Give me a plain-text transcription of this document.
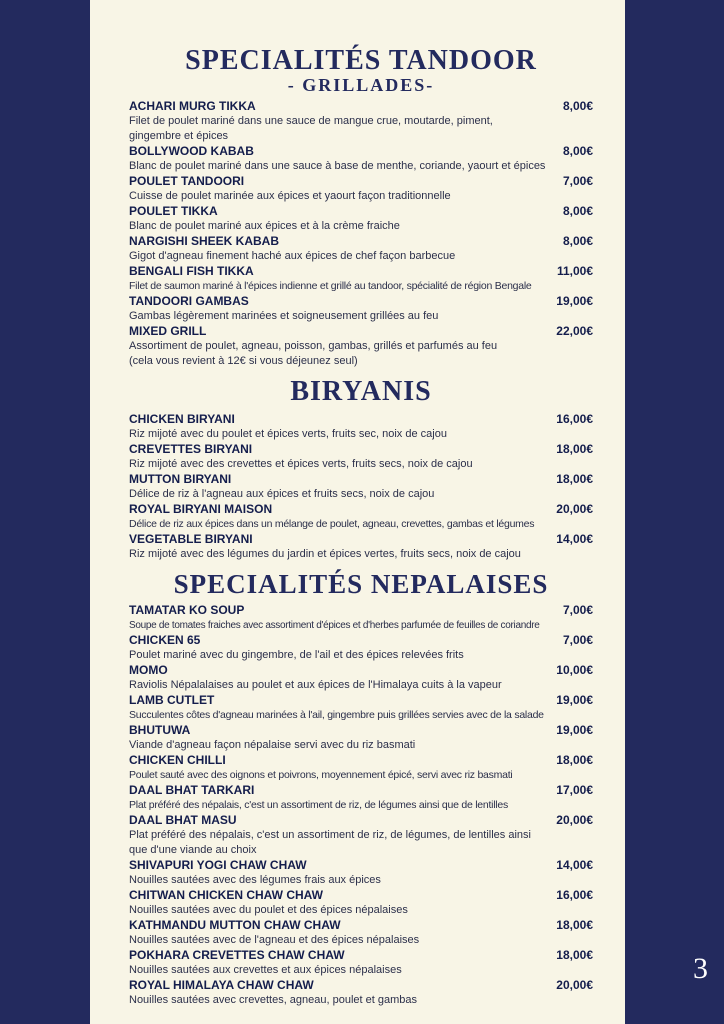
SPECIALITÉS TANDOOR
- GRILLADES-
ACHARI MURG TIKKA	8,00€
Filet de poulet mariné dans une sauce de mangue crue, moutarde, piment, gingembre et épices
BOLLYWOOD KABAB	8,00€
Blanc de poulet mariné dans une sauce à base de menthe, coriande, yaourt et épices
POULET TANDOORI	7,00€
Cuisse de poulet marinée aux épices et yaourt façon traditionnelle
POULET TIKKA	8,00€
Blanc de poulet mariné aux épices et à la crème fraiche
NARGISHI SHEEK KABAB	8,00€
Gigot d'agneau finement haché aux épices de chef façon barbecue
BENGALI FISH TIKKA	11,00€
Filet de saumon mariné à l'épices indienne et grillé au tandoor, spécialité de région Bengale
TANDOORI GAMBAS	19,00€
Gambas légèrement marinées et soigneusement grillées au feu
MIXED GRILL	22,00€
Assortiment de poulet, agneau, poisson, gambas, grillés et parfumés au feu
(cela vous revient à 12€ si vous déjeunez seul)
BIRYANIS
CHICKEN BIRYANI	16,00€
Riz mijoté avec du poulet et épices verts, fruits sec, noix de cajou
CREVETTES BIRYANI	18,00€
Riz mijoté avec des crevettes et épices verts, fruits secs, noix de cajou
MUTTON BIRYANI	18,00€
Délice de riz à l'agneau aux épices et fruits secs, noix de cajou
ROYAL BIRYANI MAISON	20,00€
Délice de riz aux épices dans un mélange de poulet, agneau, crevettes, gambas et légumes
VEGETABLE BIRYANI	14,00€
Riz mijoté avec des légumes du jardin et épices vertes, fruits secs, noix de cajou
SPECIALITÉS NEPALAISES
TAMATAR KO SOUP	7,00€
Soupe de tomates fraiches avec assortiment d'épices et d'herbes parfumée de feuilles de coriandre
CHICKEN 65	7,00€
Poulet mariné avec du gingembre, de l'ail et des épices relevées frits
MOMO	10,00€
Raviolis Népalalaises au poulet et aux épices de l'Himalaya cuits à la vapeur
LAMB CUTLET	19,00€
Succulentes côtes d'agneau marinées à l'ail, gingembre puis grillées servies avec de la salade
BHUTUWA	19,00€
Viande d'agneau façon népalaise servi avec du riz basmati
CHICKEN CHILLI	18,00€
Poulet sauté avec des oignons et poivrons, moyennement épicé, servi avec riz basmati
DAAL BHAT TARKARI	17,00€
Plat préféré des népalais, c'est un assortiment de riz, de légumes ainsi que de lentilles
DAAL BHAT MASU	20,00€
Plat préféré des népalais, c'est un assortiment de riz, de légumes, de lentilles ainsi que d'une viande au choix
SHIVAPURI YOGI CHAW CHAW	14,00€
Nouilles sautées avec des légumes frais aux épices
CHITWAN CHICKEN CHAW CHAW	16,00€
Nouilles sautées avec du poulet et des épices népalaises
KATHMANDU MUTTON CHAW CHAW	18,00€
Nouilles sautées avec de l'agneau et des épices népalaises
POKHARA CREVETTES CHAW CHAW	18,00€
Nouilles sautées aux crevettes et aux épices népalaises
ROYAL HIMALAYA CHAW CHAW	20,00€
Nouilles sautées avec crevettes, agneau, poulet et gambas
3
